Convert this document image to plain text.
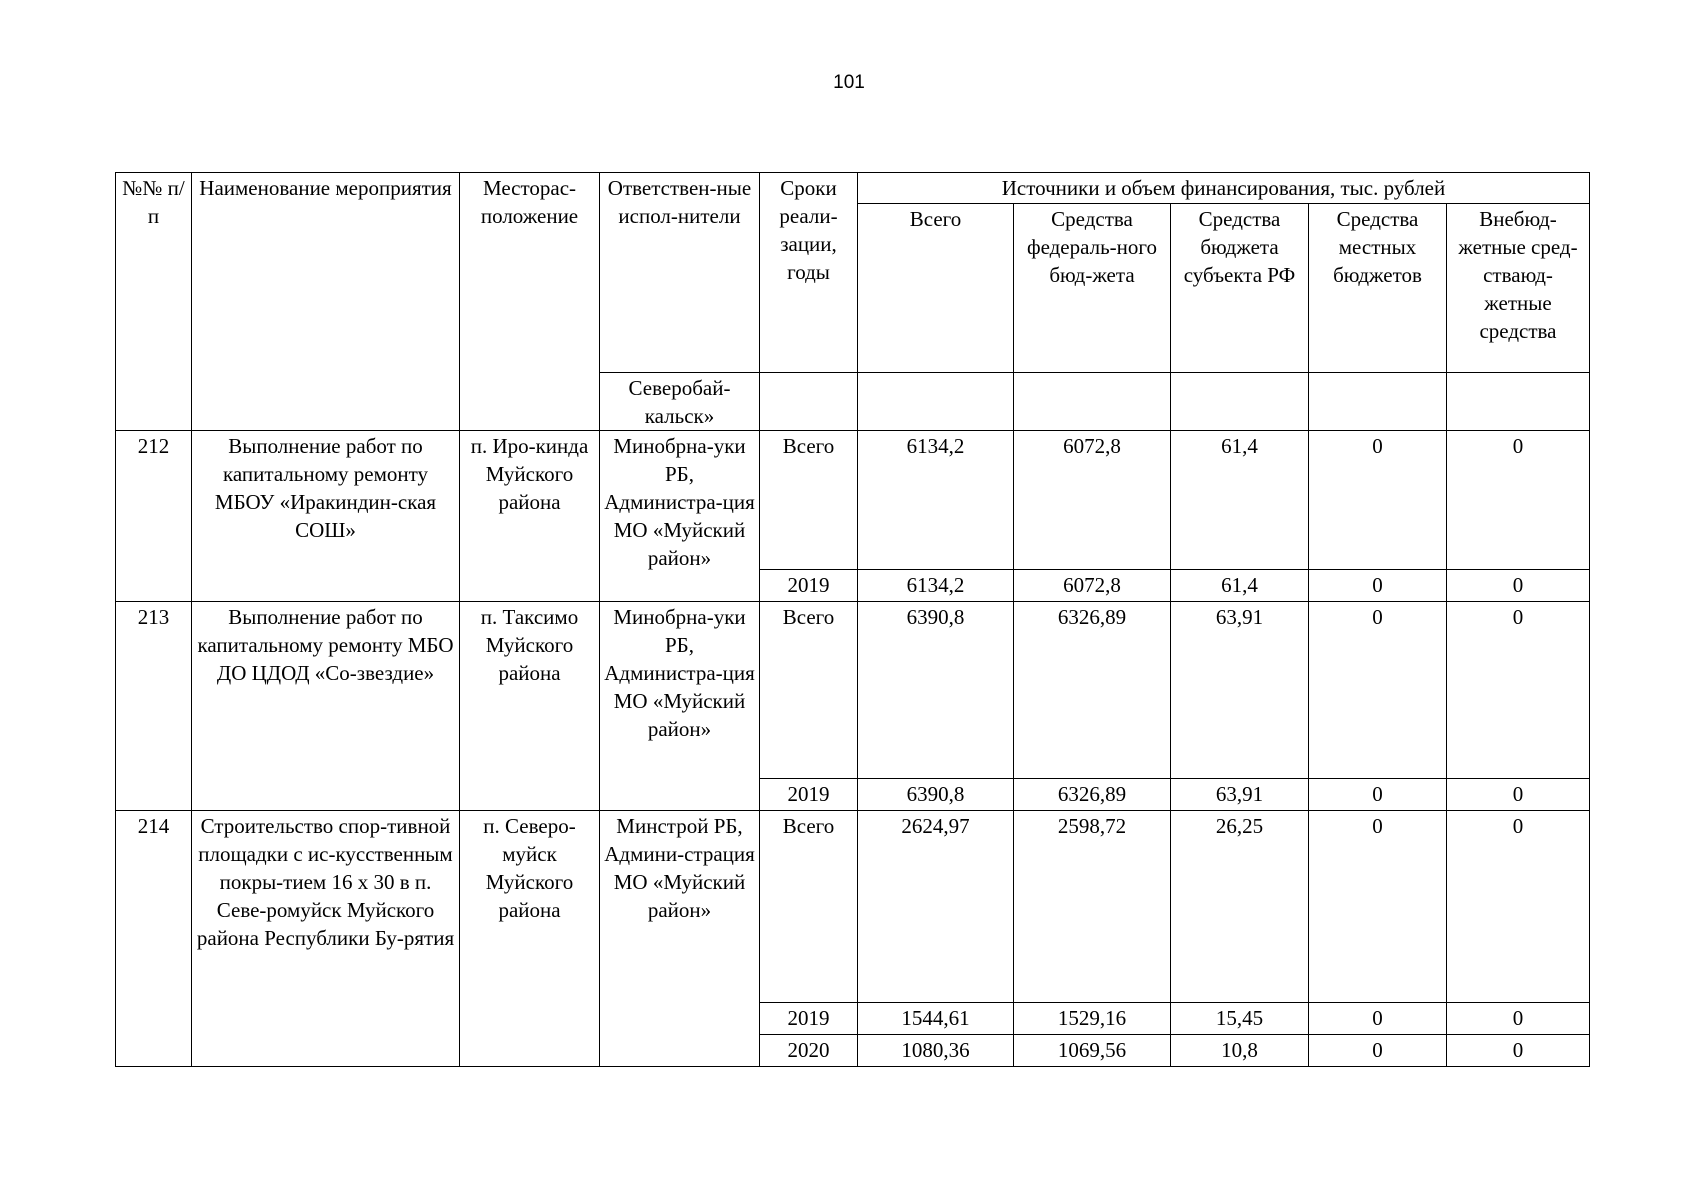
101
№№ п/п	Наименование мероприятия	Месторас-положение	Ответствен-ные испол-нители	Сроки реали-зации, годы	Источники и объем финансирования, тыс. рублей				
					Всего	Средства федераль-ного бюд-жета	Средства бюджета субъекта РФ	Средства местных бюджетов	Внебюд-жетные сред-стваюд-жетные средства
			Северобай-кальск»						
212	Выполнение работ по капитальному ремонту МБОУ «Иракиндин-ская СОШ»	п. Иро-кинда Муйского района	Минобрна-уки РБ, Администра-ция МО «Муйский район»	Всего	6134,2	6072,8	61,4	0	0
				2019	6134,2	6072,8	61,4	0	0
213	Выполнение работ по капитальному ремонту МБО ДО ЦДОД «Со-звездие»	п. Таксимо Муйского района	Минобрна-уки РБ, Администра-ция МО «Муйский район»	Всего	6390,8	6326,89	63,91	0	0
				2019	6390,8	6326,89	63,91	0	0
214	Строительство спор-тивной площадки с ис-кусственным покры-тием 16 х 30 в п. Севе-ромуйск Муйского района Республики Бу-рятия	п. Северо-муйск Муйского района	Минстрой РБ, Админи-страция МО «Муйский район»	Всего	2624,97	2598,72	26,25	0	0
				2019	1544,61	1529,16	15,45	0	0
				2020	1080,36	1069,56	10,8	0	0
